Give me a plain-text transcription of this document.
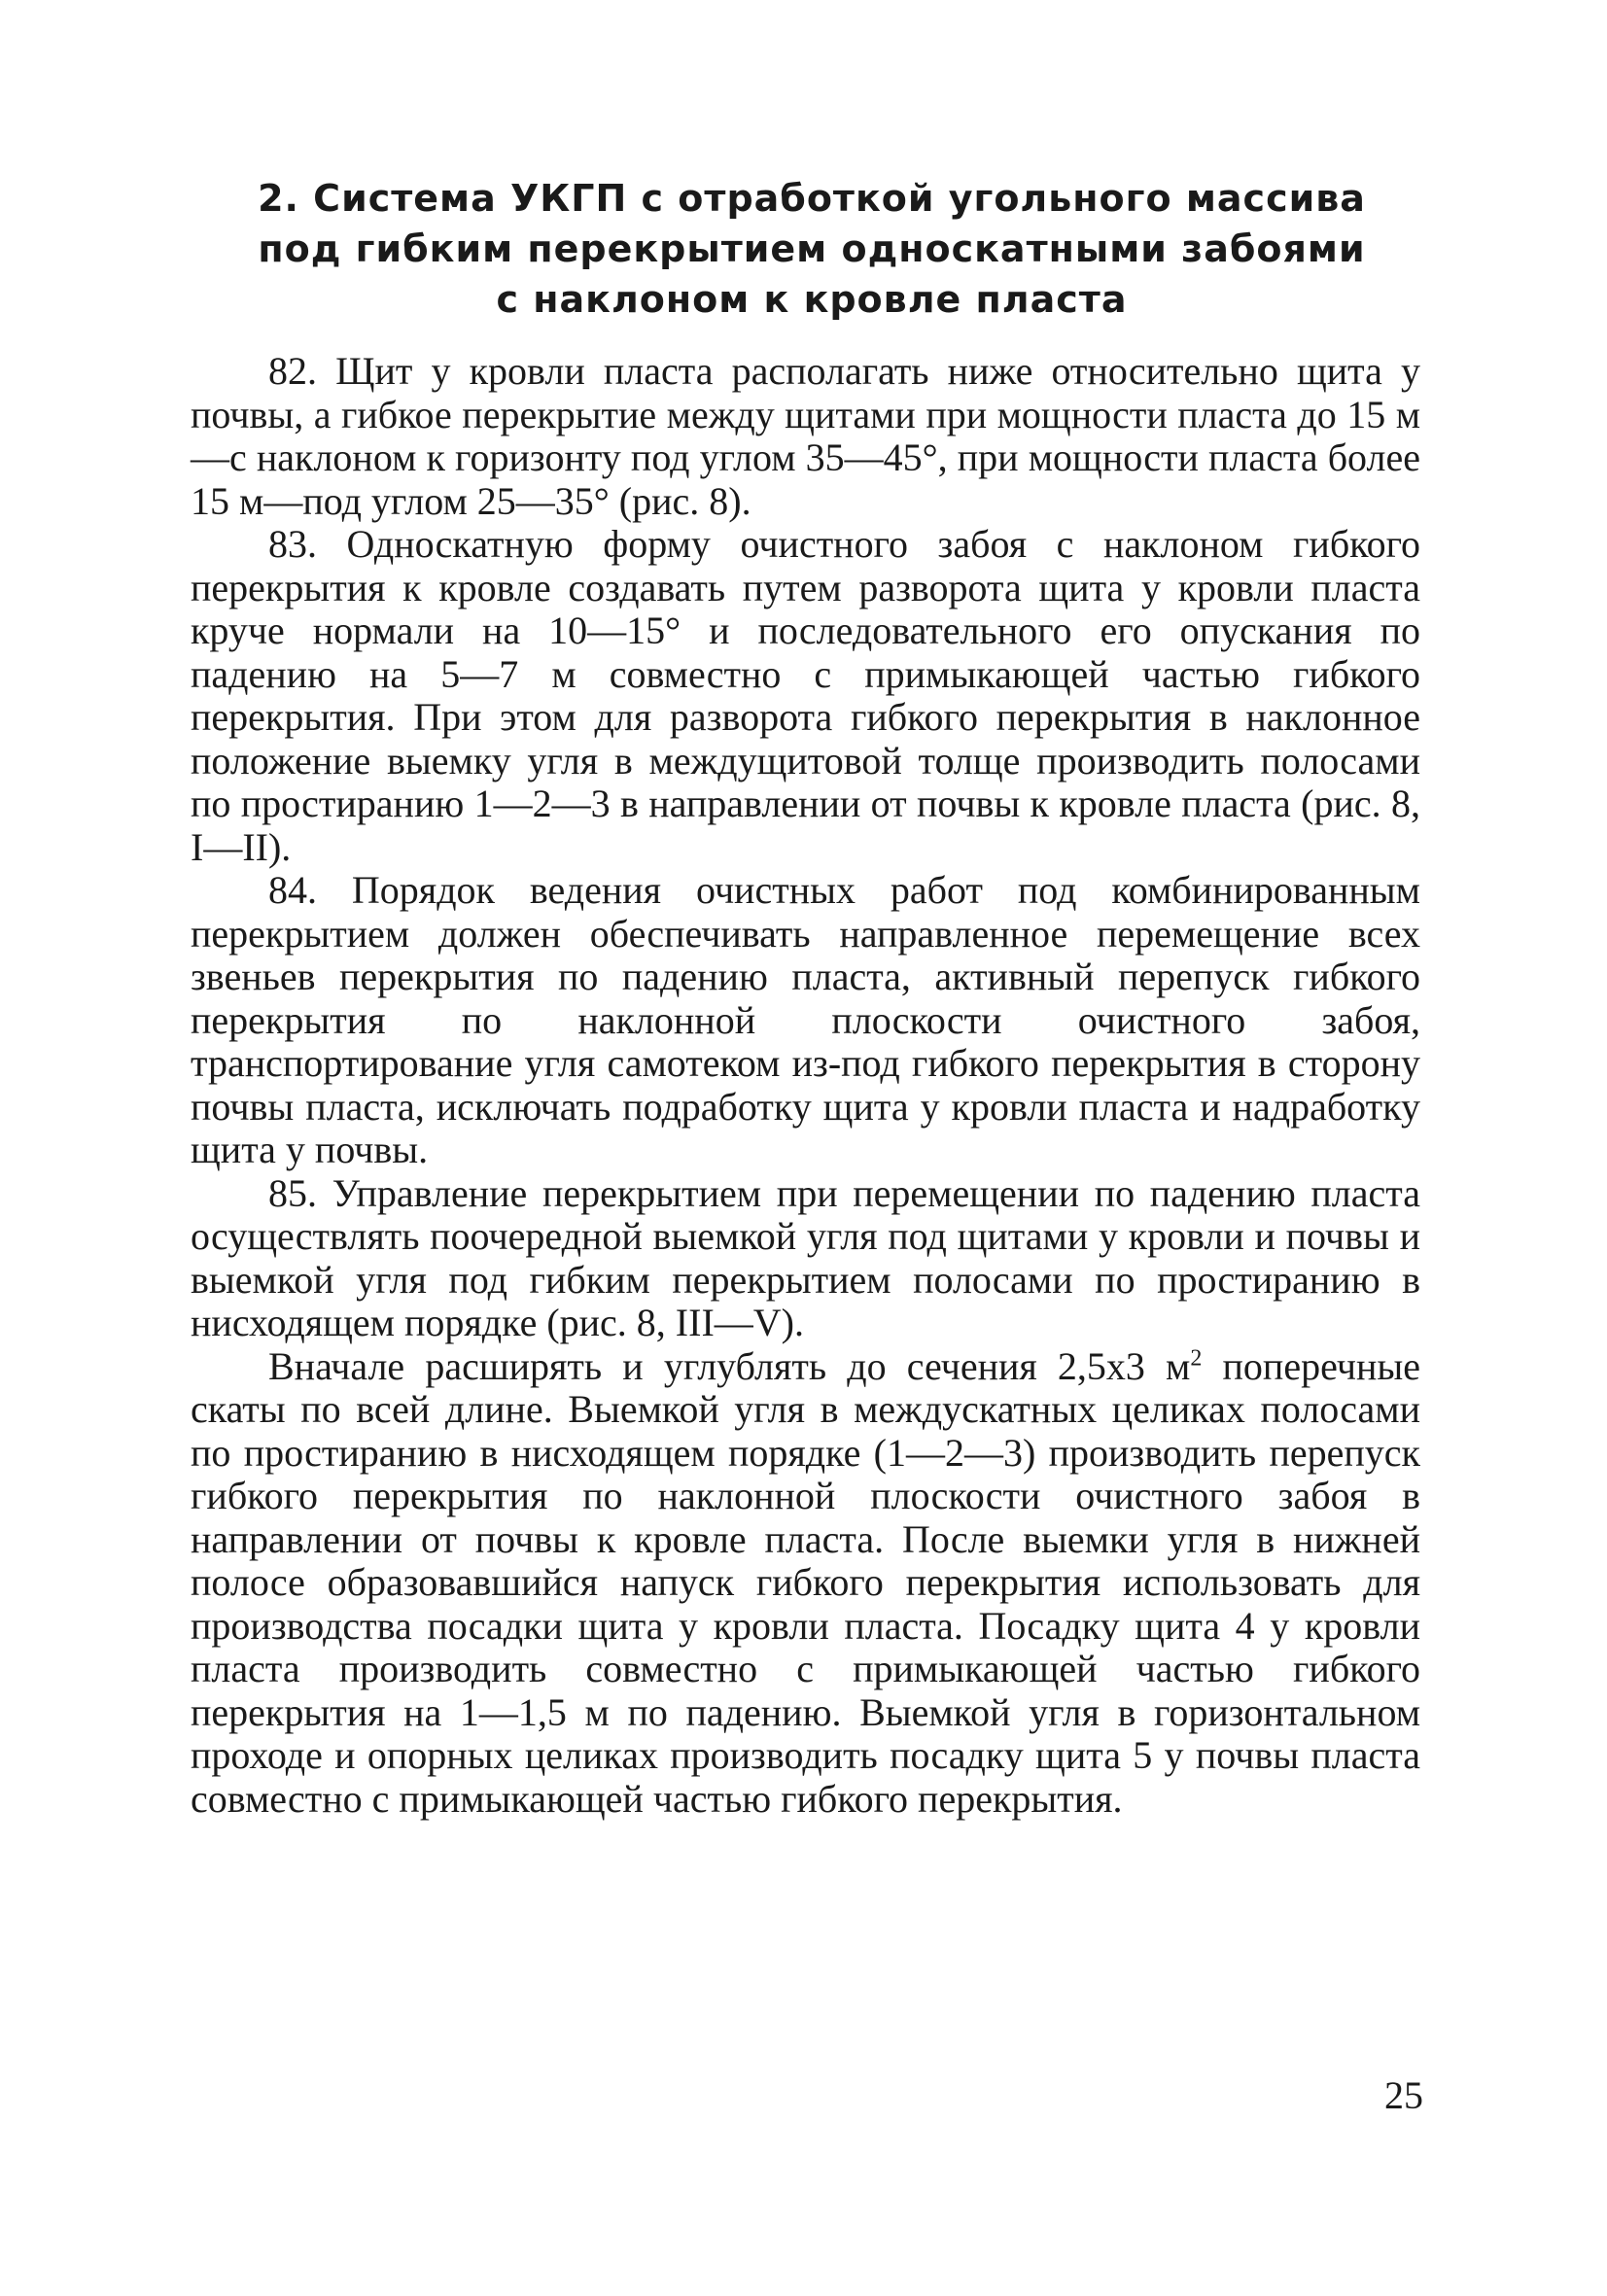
2. Система УКГП с отработкой угольного массива
под гибким перекрытием односкатными забоями
с наклоном к кровле пласта

82. Щит у кровли пласта располагать ниже относительно щита у почвы, а гибкое перекрытие между щитами при мощности пласта до 15 м—с наклоном к горизонту под углом 35—45°, при мощности пласта более 15 м—под углом 25—35° (рис. 8).

83. Односкатную форму очистного забоя с наклоном гибкого перекрытия к кровле создавать путем разворота щита у кровли пласта круче нормали на 10—15° и последовательного его опускания по падению на 5—7 м совместно с примыкающей частью гибкого перекрытия. При этом для разворота гибкого перекрытия в наклонное положение выемку угля в междущитовой толще производить полосами по простиранию 1—2—3 в направлении от почвы к кровле пласта (рис. 8, I—II).

84. Порядок ведения очистных работ под комбинированным перекрытием должен обеспечивать направленное перемещение всех звеньев перекрытия по падению пласта, активный перепуск гибкого перекрытия по наклонной плоскости очистного забоя, транспортирование угля самотеком из-под гибкого перекрытия в сторону почвы пласта, исключать подработку щита у кровли пласта и надработку щита у почвы.

85. Управление перекрытием при перемещении по падению пласта осуществлять поочередной выемкой угля под щитами у кровли и почвы и выемкой угля под гибким перекрытием полосами по простиранию в нисходящем порядке (рис. 8, III—V).

Вначале расширять и углублять до сечения 2,5х3 $м^2$ поперечные скаты по всей длине. Выемкой угля в междускатных целиках полосами по простиранию в нисходящем порядке (1—2—3) производить перепуск гибкого перекрытия по наклонной плоскости очистного забоя в направлении от почвы к кровле пласта. После выемки угля в нижней полосе образовавшийся напуск гибкого перекрытия использовать для производства посадки щита у кровли пласта. Посадку щита 4 у кровли пласта производить совместно с примыкающей частью гибкого перекрытия на 1—1,5 м по падению. Выемкой угля в горизонтальном проходе и опорных целиках производить посадку щита 5 у почвы пласта совместно с примыкающей частью гибкого перекрытия.

25
